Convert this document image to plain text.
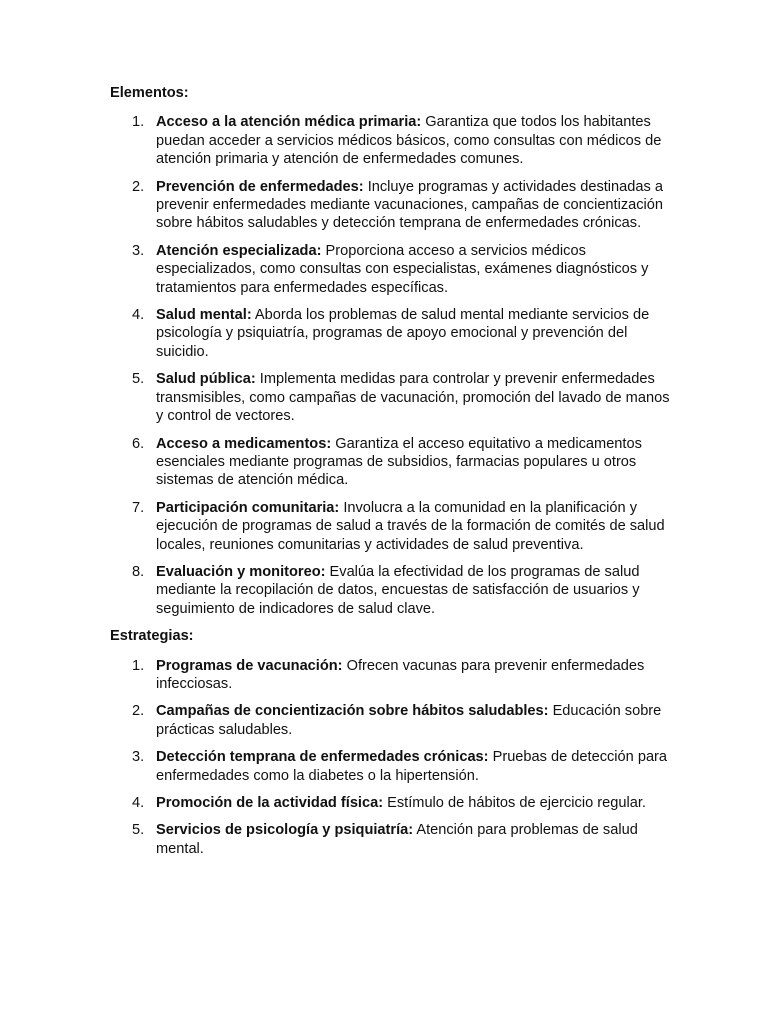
Elementos:
1. Acceso a la atención médica primaria: Garantiza que todos los habitantes puedan acceder a servicios médicos básicos, como consultas con médicos de atención primaria y atención de enfermedades comunes.
2. Prevención de enfermedades: Incluye programas y actividades destinadas a prevenir enfermedades mediante vacunaciones, campañas de concientización sobre hábitos saludables y detección temprana de enfermedades crónicas.
3. Atención especializada: Proporciona acceso a servicios médicos especializados, como consultas con especialistas, exámenes diagnósticos y tratamientos para enfermedades específicas.
4. Salud mental: Aborda los problemas de salud mental mediante servicios de psicología y psiquiatría, programas de apoyo emocional y prevención del suicidio.
5. Salud pública: Implementa medidas para controlar y prevenir enfermedades transmisibles, como campañas de vacunación, promoción del lavado de manos y control de vectores.
6. Acceso a medicamentos: Garantiza el acceso equitativo a medicamentos esenciales mediante programas de subsidios, farmacias populares u otros sistemas de atención médica.
7. Participación comunitaria: Involucra a la comunidad en la planificación y ejecución de programas de salud a través de la formación de comités de salud locales, reuniones comunitarias y actividades de salud preventiva.
8. Evaluación y monitoreo: Evalúa la efectividad de los programas de salud mediante la recopilación de datos, encuestas de satisfacción de usuarios y seguimiento de indicadores de salud clave.
Estrategias:
1. Programas de vacunación: Ofrecen vacunas para prevenir enfermedades infecciosas.
2. Campañas de concientización sobre hábitos saludables: Educación sobre prácticas saludables.
3. Detección temprana de enfermedades crónicas: Pruebas de detección para enfermedades como la diabetes o la hipertensión.
4. Promoción de la actividad física: Estímulo de hábitos de ejercicio regular.
5. Servicios de psicología y psiquiatría: Atención para problemas de salud mental.
